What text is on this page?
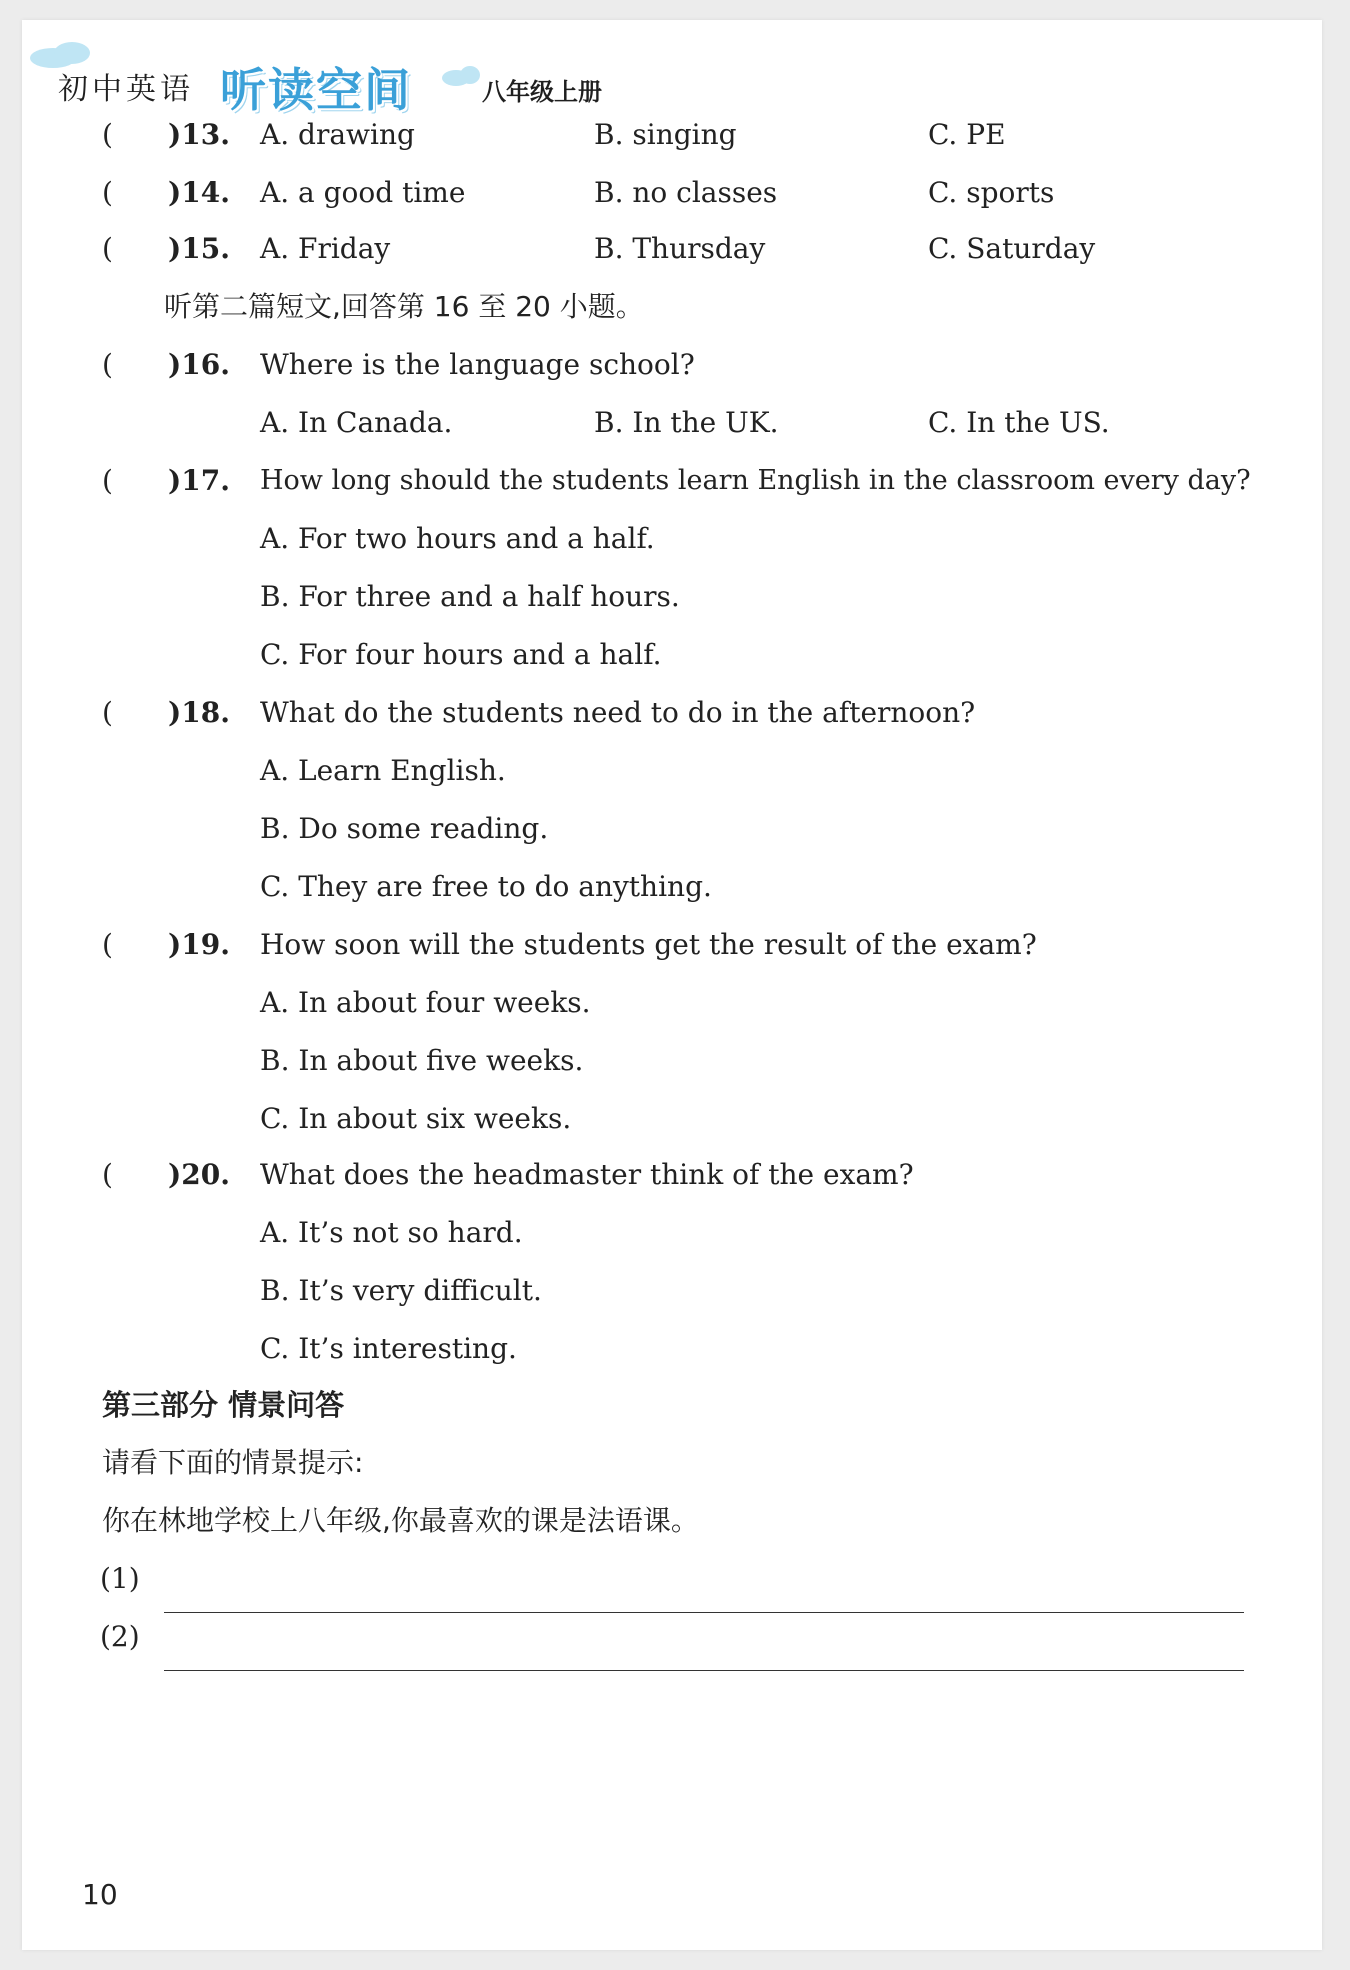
初中英语 听读空间	八年级上册
( )13. A. drawing	B. singing	C. PE
( )14. A. a good time	B. no classes	C. sports
( )15. A. Friday	B. Thursday	C. Saturday
听第二篇短文,回答第 16 至 20 小题。
( )16. Where is the language school?
A. In Canada.	B. In the UK.	C. In the US.
( )17. How long should the students learn English in the classroom every day?
A. For two hours and a half.
B. For three and a half hours.
C. For four hours and a half.
( )18. What do the students need to do in the afternoon?
A. Learn English.
B. Do some reading.
C. They are free to do anything.
( )19. How soon will the students get the result of the exam?
A. In about four weeks.
B. In about five weeks.
C. In about six weeks.
( )20. What does the headmaster think of the exam?
A. It’s not so hard.
B. It’s very difficult.
C. It’s interesting.
第三部分 情景问答
请看下面的情景提示:
你在林地学校上八年级,你最喜欢的课是法语课。
(1)
(2)
10
